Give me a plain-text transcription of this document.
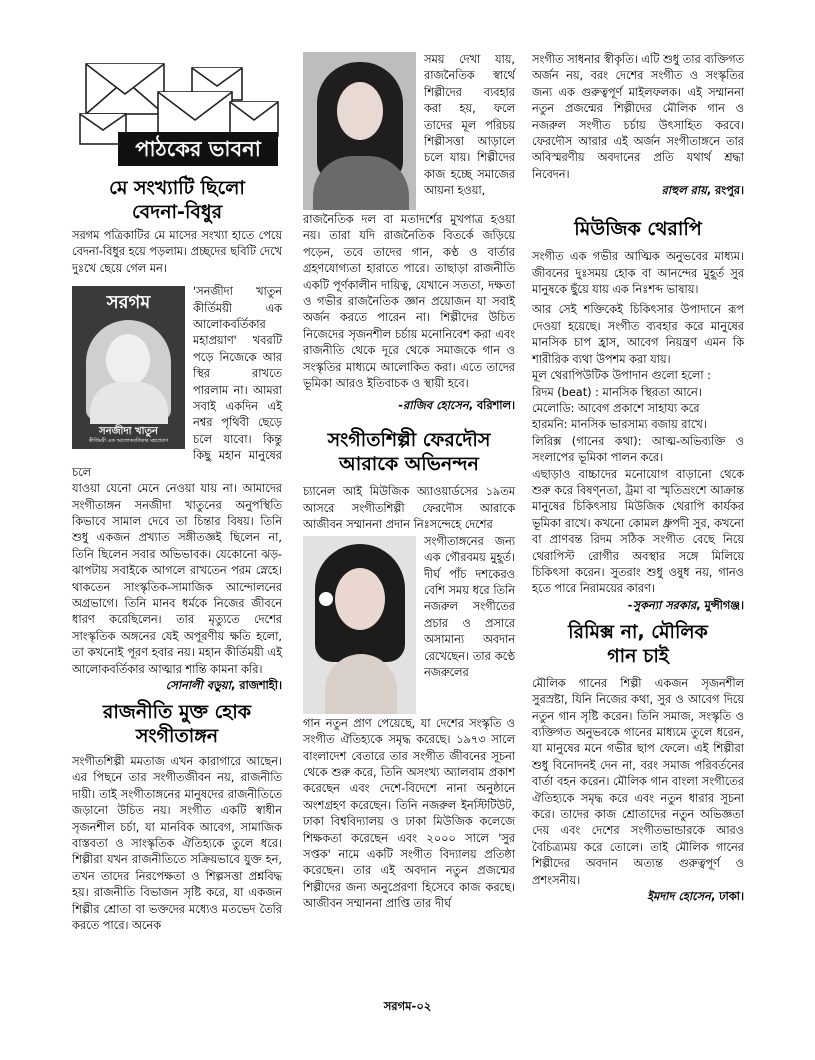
পাঠকের ভাবনা
মে সংখ্যাটি ছিলো
বেদনা-বিধুর

সরগম পত্রিকাটির মে মাসের সংখ্যা হাতে পেয়ে বেদনা-বিধুর হয়ে পড়লাম। প্রচ্ছদের ছবিটি দেখে দুঃখে ছেয়ে গেল মন।

সরগম
সনজীদা খাতুন
কীর্তিময়ী এক আলোকবর্তিকার মহাপ্রয়াণ

'সনজীদা খাতুন কীর্তিময়ী এক আলোকবর্তিকার মহাপ্রয়াণ' খবরটি পড়ে নিজেকে আর স্থির রাখতে পারলাম না। আমরা সবাই একদিন এই নশ্বর পৃথিবী ছেড়ে চলে যাবো। কিন্তু কিছু মহান মানুষের চলে

যাওয়া যেনো মেনে নেওয়া যায় না। আমাদের সংগীতাঙ্গন সনজীদা খাতুনের অনুপস্থিতি কিভাবে সামাল দেবে তা চিন্তার বিষয়। তিনি শুধু একজন প্রখ্যাত সঙ্গীতজ্ঞই ছিলেন না, তিনি ছিলেন সবার অভিভাবক। যেকোনো ঝড়-ঝাপটায় সবাইকে আগলে রাখতেন পরম স্নেহে। থাকতেন সাংস্কৃতিক-সামাজিক আন্দোলনের অগ্রভাগে। তিনি মানব ধর্মকে নিজের জীবনে ধারণ করেছিলেন। তার মৃত্যুতে দেশের সাংস্কৃতিক অঙ্গনের যেই অপূরণীয় ক্ষতি হলো, তা কখনোই পূরণ হবার নয়। মহান কীর্তিময়ী এই আলোকবর্তিকার আত্মার শান্তি কামনা করি।

সোনালী বড়ুয়া, রাজশাহী।

রাজনীতি মুক্ত হোক
সংগীতাঙ্গন

সংগীতশিল্পী মমতাজ এখন কারাগারে আছেন। এর পিছনে তার সংগীতজীবন নয়, রাজনীতি দায়ী। তাই সংগীতাঙ্গনের মানুষদের রাজনীতিতে জড়ানো উচিত নয়। সংগীত একটি স্বাধীন সৃজনশীল চর্চা, যা মানবিক আবেগ, সামাজিক বাস্তবতা ও সাংস্কৃতিক ঐতিহ্যকে তুলে ধরে। শিল্পীরা যখন রাজনীতিতে সক্রিয়ভাবে যুক্ত হন, তখন তাদের নিরপেক্ষতা ও শিল্পসত্তা প্রশ্নবিদ্ধ হয়। রাজনীতি বিভাজন সৃষ্টি করে, যা একজন শিল্পীর শ্রোতা বা ভক্তদের মধ্যেও মতভেদ তৈরি করতে পারে। অনেক

সময় দেখা যায়, রাজনৈতিক স্বার্থে শিল্পীদের ব্যবহার করা হয়, ফলে তাদের মূল পরিচয় শিল্পীসত্তা আড়ালে চলে যায়। শিল্পীদের কাজ হচ্ছে সমাজের আয়না হওয়া,

রাজনৈতিক দল বা মতাদর্শের মুখপাত্র হওয়া নয়। তারা যদি রাজনৈতিক বিতর্কে জড়িয়ে পড়েন, তবে তাদের গান, কণ্ঠ ও বার্তার গ্রহণযোগ্যতা হারাতে পারে। তাছাড়া রাজনীতি একটি পূর্ণকালীন দায়িত্ব, যেখানে সততা, দক্ষতা ও গভীর রাজনৈতিক জ্ঞান প্রয়োজন যা সবাই অর্জন করতে পারেন না। শিল্পীদের উচিত নিজেদের সৃজনশীল চর্চায় মনোনিবেশ করা এবং রাজনীতি থেকে দূরে থেকে সমাজকে গান ও সংস্কৃতির মাধ্যমে আলোকিত করা। এতে তাদের ভূমিকা আরও ইতিবাচক ও স্থায়ী হবে।

-রাজিব হোসেন, বরিশাল।

সংগীতশিল্পী ফেরদৌস
আরাকে অভিনন্দন

চ্যানেল আই মিউজিক অ্যাওয়ার্ডসের ১৯তম আসরে সংগীতশিল্পী ফেরদৌস আরাকে আজীবন সম্মাননা প্রদান নিঃসন্দেহে দেশের

সংগীতাঙ্গনের জন্য এক গৌরবময় মুহূর্ত। দীর্ঘ পাঁচ দশকেরও বেশি সময় ধরে তিনি নজরুল সংগীতের প্রচার ও প্রসারে অসামান্য অবদান রেখেছেন। তার কণ্ঠে নজরুলের

গান নতুন প্রাণ পেয়েছে, যা দেশের সংস্কৃতি ও সংগীত ঐতিহ্যকে সমৃদ্ধ করেছে। ১৯৭৩ সালে বাংলাদেশ বেতারে তার সংগীত জীবনের সূচনা থেকে শুরু করে, তিনি অসংখ্য অ্যালবাম প্রকাশ করেছেন এবং দেশে-বিদেশে নানা অনুষ্ঠানে অংশগ্রহণ করেছেন। তিনি নজরুল ইনস্টিটিউট, ঢাকা বিশ্ববিদ্যালয় ও ঢাকা মিউজিক কলেজে শিক্ষকতা করেছেন এবং ২০০০ সালে 'সুর সপ্তক' নামে একটি সংগীত বিদ্যালয় প্রতিষ্ঠা করেছেন। তার এই অবদান নতুন প্রজন্মের শিল্পীদের জন্য অনুপ্রেরণা হিসেবে কাজ করছে। আজীবন সম্মাননা প্রাপ্তি তার দীর্ঘ

সংগীত সাধনার স্বীকৃতি। এটি শুধু তার ব্যক্তিগত অর্জন নয়, বরং দেশের সংগীত ও সংস্কৃতির জন্য এক গুরুত্বপূর্ণ মাইলফলক। এই সম্মাননা নতুন প্রজন্মের শিল্পীদের মৌলিক গান ও নজরুল সংগীত চর্চায় উৎসাহিত করবে। ফেরদৌস আরার এই অর্জন সংগীতাঙ্গনে তার অবিস্মরণীয় অবদানের প্রতি যথার্থ শ্রদ্ধা নিবেদন।

রাহুল রায়, রংপুর।

মিউজিক থেরাপি

সংগীত এক গভীর আত্মিক অনুভবের মাধ্যম। জীবনের দুঃসময় হোক বা আনন্দের মুহূর্ত সুর মানুষকে ছুঁয়ে যায় এক নিঃশব্দ ভাষায়।

আর সেই শক্তিকেই চিকিৎসার উপাদানে রূপ দেওয়া হয়েছে। সংগীত ব্যবহার করে মানুষের মানসিক চাপ হ্রাস, আবেগ নিয়ন্ত্রণ এমন কি শারীরিক ব্যথা উপশম করা যায়।

মূল থেরাপিউটিক উপাদান গুলো হলো :

রিদম (beat) : মানসিক স্থিরতা আনে।

মেলোডি: আবেগ প্রকাশে সাহায্য করে

হারমনি: মানসিক ভারসাম্য বজায় রাখে।

লিরিক্স (গানের কথা): আত্ম-অভিব্যক্তি ও সংলাপের ভূমিকা পালন করে।

এছাড়াও বাচ্চাদের মনোযোগ বাড়ানো থেকে শুরু করে বিষণ্নতা, ট্রমা বা স্মৃতিভ্রংশে আক্রান্ত মানুষের চিকিৎসায় মিউজিক থেরাপি কার্যকর ভূমিকা রাখে। কখনো কোমল ধ্রুপদী সুর, কখনো বা প্রাণবন্ত রিদম সঠিক সংগীত বেছে নিয়ে থেরাপিস্ট রোগীর অবস্থার সঙ্গে মিলিয়ে চিকিৎসা করেন। সুতরাং শুধু ওষুধ নয়, গানও হতে পারে নিরাময়ের কারণ।

-সুকন্যা সরকার, মুন্সীগঞ্জ।

রিমিক্স না, মৌলিক
গান চাই

মৌলিক গানের শিল্পী একজন সৃজনশীল সুরস্রষ্টা, যিনি নিজের কথা, সুর ও আবেগ দিয়ে নতুন গান সৃষ্টি করেন। তিনি সমাজ, সংস্কৃতি ও ব্যক্তিগত অনুভবকে গানের মাধ্যমে তুলে ধরেন, যা মানুষের মনে গভীর ছাপ ফেলে। এই শিল্পীরা শুধু বিনোদনই দেন না, বরং সমাজ পরিবর্তনের বার্তা বহন করেন। মৌলিক গান বাংলা সংগীতের ঐতিহ্যকে সমৃদ্ধ করে এবং নতুন ধারার সূচনা করে। তাদের কাজ শ্রোতাদের নতুন অভিজ্ঞতা দেয় এবং দেশের সংগীতভান্ডারকে আরও বৈচিত্র্যময় করে তোলে। তাই মৌলিক গানের শিল্পীদের অবদান অত্যন্ত গুরুত্বপূর্ণ ও প্রশংসনীয়।

ইমদাদ হোসেন, ঢাকা।

সরগম-০২
